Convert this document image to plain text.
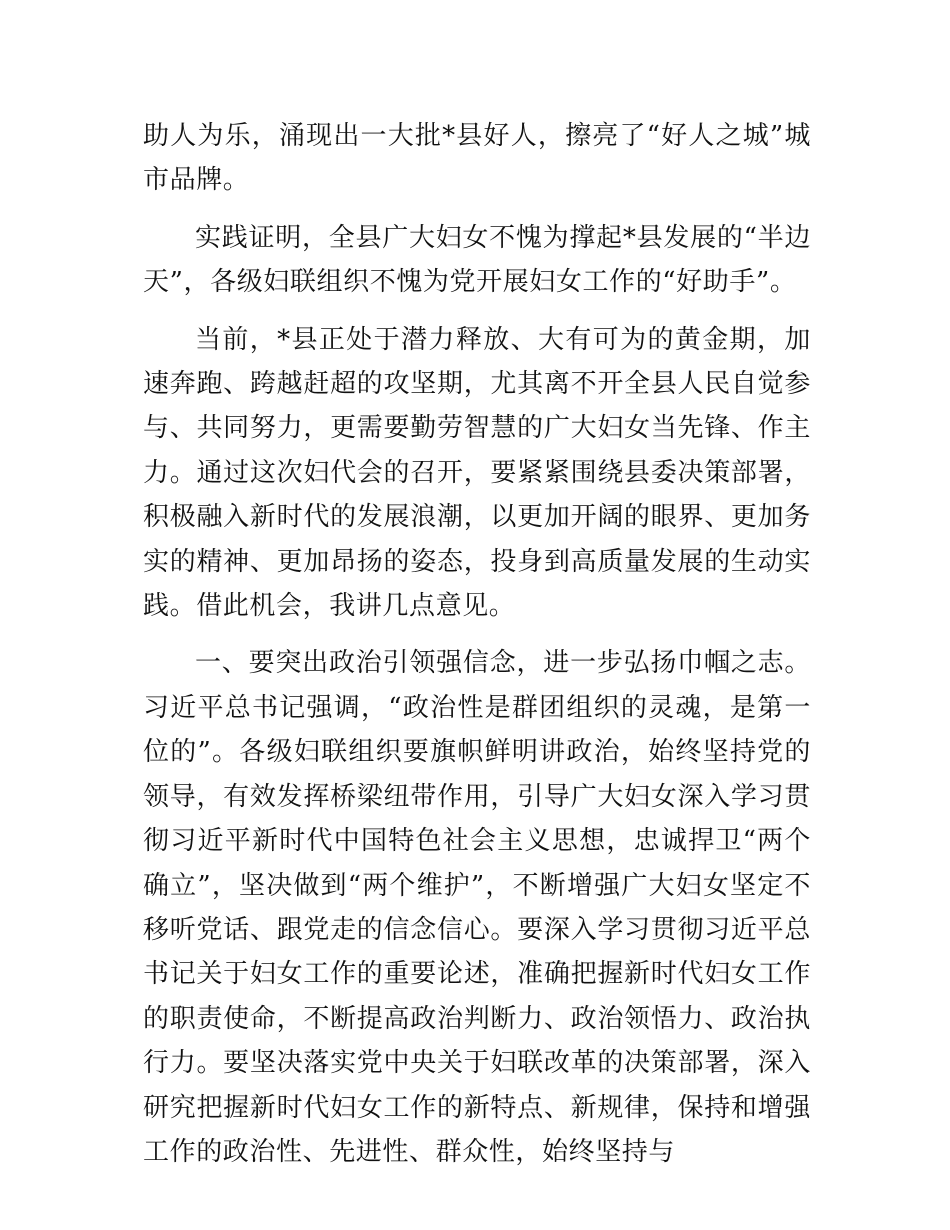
助人为乐，涌现出一大批*县好人，擦亮了“好人之城”城市品牌。

实践证明，全县广大妇女不愧为撑起*县发展的“半边天”，各级妇联组织不愧为党开展妇女工作的“好助手”。

当前，*县正处于潜力释放、大有可为的黄金期，加速奔跑、跨越赶超的攻坚期，尤其离不开全县人民自觉参与、共同努力，更需要勤劳智慧的广大妇女当先锋、作主力。通过这次妇代会的召开，要紧紧围绕县委决策部署，积极融入新时代的发展浪潮，以更加开阔的眼界、更加务实的精神、更加昂扬的姿态，投身到高质量发展的生动实践。借此机会，我讲几点意见。

一、要突出政治引领强信念，进一步弘扬巾帼之志。习近平总书记强调，“政治性是群团组织的灵魂，是第一位的”。各级妇联组织要旗帜鲜明讲政治，始终坚持党的领导，有效发挥桥梁纽带作用，引导广大妇女深入学习贯彻习近平新时代中国特色社会主义思想，忠诚捍卫“两个确立”，坚决做到“两个维护”，不断增强广大妇女坚定不移听党话、跟党走的信念信心。要深入学习贯彻习近平总书记关于妇女工作的重要论述，准确把握新时代妇女工作的职责使命，不断提高政治判断力、政治领悟力、政治执行力。要坚决落实党中央关于妇联改革的决策部署，深入研究把握新时代妇女工作的新特点、新规律，保持和增强工作的政治性、先进性、群众性，始终坚持与
